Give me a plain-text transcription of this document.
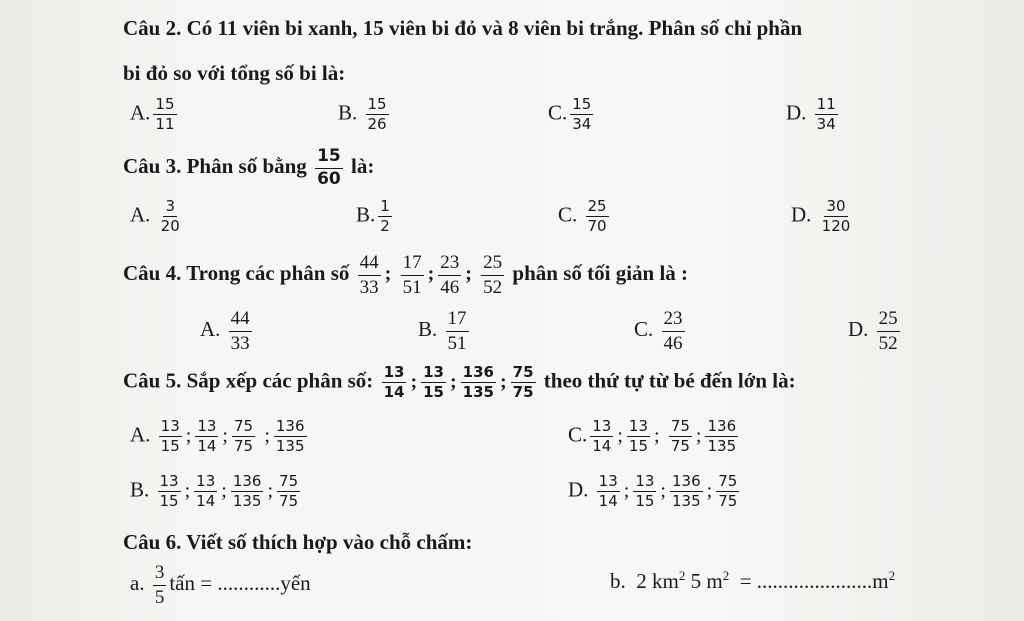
Câu 2. Có 11 viên bi xanh, 15 viên bi đỏ và 8 viên bi trắng. Phân số chỉ phần
bi đỏ so với tổng số bi là:
A. $\frac{15}{11}$	B. $\frac{15}{26}$	C. $\frac{15}{34}$	D. $\frac{11}{34}$
Câu 3. Phân số bằng $\frac{15}{60}$ là:
A. $\frac{3}{20}$	B. $\frac{1}{2}$	C. $\frac{25}{70}$	D. $\frac{30}{120}$
Câu 4. Trong các phân số $\frac{44}{33}$ ; $\frac{17}{51}$ ; $\frac{23}{46}$ ; $\frac{25}{52}$ phân số tối giản là :
A. $\frac{44}{33}$	B. $\frac{17}{51}$	C. $\frac{23}{46}$	D. $\frac{25}{52}$
Câu 5. Sắp xếp các phân số: $\frac{13}{14}$ ; $\frac{13}{15}$ ; $\frac{136}{135}$ ; $\frac{75}{75}$ theo thứ tự từ bé đến lớn là:
A. $\frac{13}{15}$ ; $\frac{13}{14}$ ; $\frac{75}{75}$ ; $\frac{136}{135}$	C. $\frac{13}{14}$ ; $\frac{13}{15}$ ; $\frac{75}{75}$ ; $\frac{136}{135}$
B. $\frac{13}{15}$ ; $\frac{13}{14}$ ; $\frac{136}{135}$ ; $\frac{75}{75}$	D. $\frac{13}{14}$ ; $\frac{13}{15}$ ; $\frac{136}{135}$ ; $\frac{75}{75}$
Câu 6. Viết số thích hợp vào chỗ chấm:
a. $\frac{3}{5}$ tấn = ............yến	b. 2 $km^2$ 5 $m^2 = ......................m^2$
